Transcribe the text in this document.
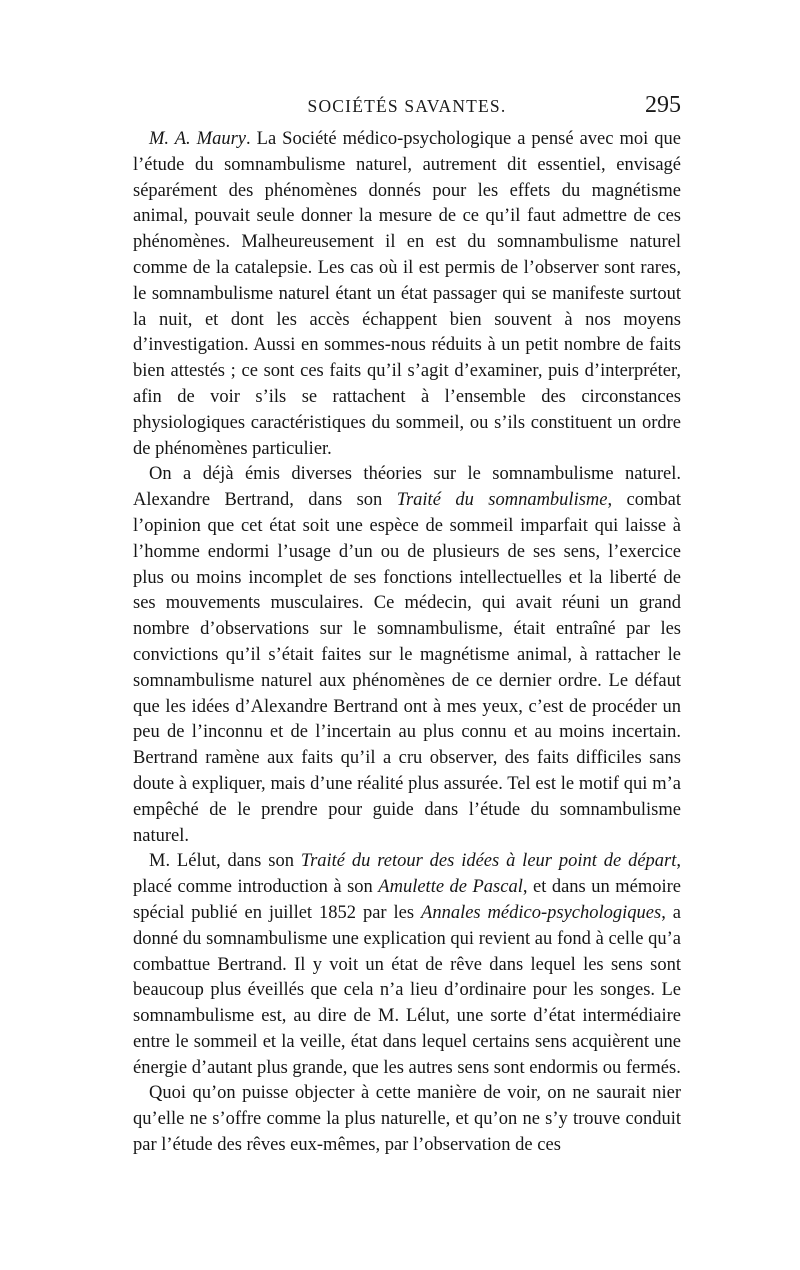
SOCIÉTÉS SAVANTES.	295

M. A. Maury. La Société médico-psychologique a pensé avec moi que l’étude du somnambulisme naturel, autrement dit essentiel, envisagé séparément des phénomènes donnés pour les effets du magnétisme animal, pouvait seule donner la mesure de ce qu’il faut admettre de ces phénomènes. Malheureusement il en est du somnambulisme naturel comme de la catalepsie. Les cas où il est permis de l’observer sont rares, le somnambulisme naturel étant un état passager qui se manifeste surtout la nuit, et dont les accès échappent bien souvent à nos moyens d’investigation. Aussi en sommes-nous réduits à un petit nombre de faits bien attestés ; ce sont ces faits qu’il s’agit d’examiner, puis d’interpréter, afin de voir s’ils se rattachent à l’ensemble des circonstances physiologiques caractéristiques du sommeil, ou s’ils constituent un ordre de phénomènes particulier.

On a déjà émis diverses théories sur le somnambulisme naturel. Alexandre Bertrand, dans son Traité du somnambulisme, combat l’opinion que cet état soit une espèce de sommeil imparfait qui laisse à l’homme endormi l’usage d’un ou de plusieurs de ses sens, l’exercice plus ou moins incomplet de ses fonctions intellectuelles et la liberté de ses mouvements musculaires. Ce médecin, qui avait réuni un grand nombre d’observations sur le somnambulisme, était entraîné par les convictions qu’il s’était faites sur le magnétisme animal, à rattacher le somnambulisme naturel aux phénomènes de ce dernier ordre. Le défaut que les idées d’Alexandre Bertrand ont à mes yeux, c’est de procéder un peu de l’inconnu et de l’incertain au plus connu et au moins incertain. Bertrand ramène aux faits qu’il a cru observer, des faits difficiles sans doute à expliquer, mais d’une réalité plus assurée. Tel est le motif qui m’a empêché de le prendre pour guide dans l’étude du somnambulisme naturel.

M. Lélut, dans son Traité du retour des idées à leur point de départ, placé comme introduction à son Amulette de Pascal, et dans un mémoire spécial publié en juillet 1852 par les Annales médico-psychologiques, a donné du somnambulisme une explication qui revient au fond à celle qu’a combattue Bertrand. Il y voit un état de rêve dans lequel les sens sont beaucoup plus éveillés que cela n’a lieu d’ordinaire pour les songes. Le somnambulisme est, au dire de M. Lélut, une sorte d’état intermédiaire entre le sommeil et la veille, état dans lequel certains sens acquièrent une énergie d’autant plus grande, que les autres sens sont endormis ou fermés.

Quoi qu’on puisse objecter à cette manière de voir, on ne saurait nier qu’elle ne s’offre comme la plus naturelle, et qu’on ne s’y trouve conduit par l’étude des rêves eux-mêmes, par l’observation de ces
